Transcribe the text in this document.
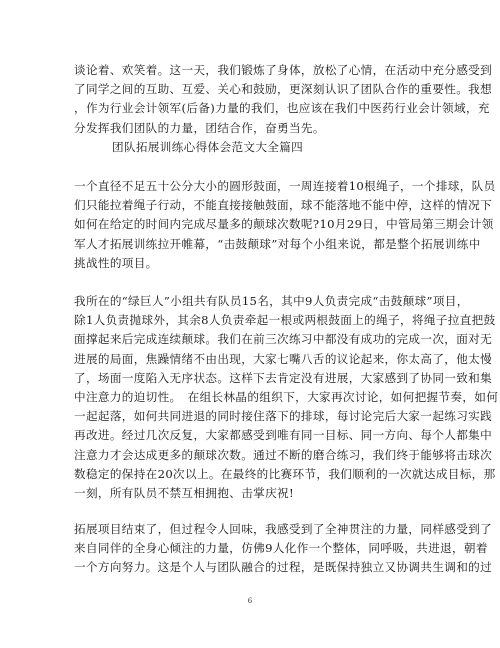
谈论着、欢笑着。这一天，我们锻炼了身体，放松了心情，在活动中充分感受到
了同学之间的互助、互爱、关心和鼓励，更深刻认识了团队合作的重要性。我想
，作为行业会计领军(后备)力量的我们，也应该在我们中医药行业会计领域，充
分发挥我们团队的力量，团结合作，奋勇当先。
团队拓展训练心得体会范文大全篇四
一个直径不足五十公分大小的圆形鼓面，一周连接着10根绳子，一个排球，队员
们只能拉着绳子行动，不能直接接触鼓面，球不能落地不能中停，这样的情况下
如何在给定的时间内完成尽量多的颠球次数呢?10月29日，中管局第三期会计领
军人才拓展训练拉开帷幕，“击鼓颠球”对每个小组来说，都是整个拓展训练中
挑战性的项目。
我所在的“绿巨人”小组共有队员15名，其中9人负责完成“击鼓颠球”项目，
除1人负责抛球外，其余8人负责牵起一根或两根鼓面上的绳子，将绳子拉直把鼓
面撑起来后完成连续颠球。我们在前三次练习中都没有成功的完成一次，面对无
进展的局面，焦躁情绪不由出现，大家七嘴八舌的议论起来，你太高了，他太慢
了，场面一度陷入无序状态。这样下去肯定没有进展，大家感到了协同一致和集
中注意力的迫切性。　在组长林晶的组织下，大家再次讨论，如何把握节奏，如何
一起起落，如何共同进退的同时接住落下的排球，每讨论完后大家一起练习实践
再改进。经过几次反复，大家都感受到唯有同一目标、同一方向、每个人都集中
注意力才会达成更多的颠球次数。通过不断的磨合练习，我们终于能够将击球次
数稳定的保持在20次以上。在最终的比赛环节，我们顺利的一次就达成目标，那
一刻，所有队员不禁互相拥抱、击掌庆祝!
拓展项目结束了，但过程令人回味，我感受到了全神贯注的力量，同样感受到了
来自同伴的全身心倾注的力量，仿佛9人化作一个整体，同呼吸，共进退，朝着
一个方向努力。这是个人与团队融合的过程，是既保持独立又协调共生调和的过
6
